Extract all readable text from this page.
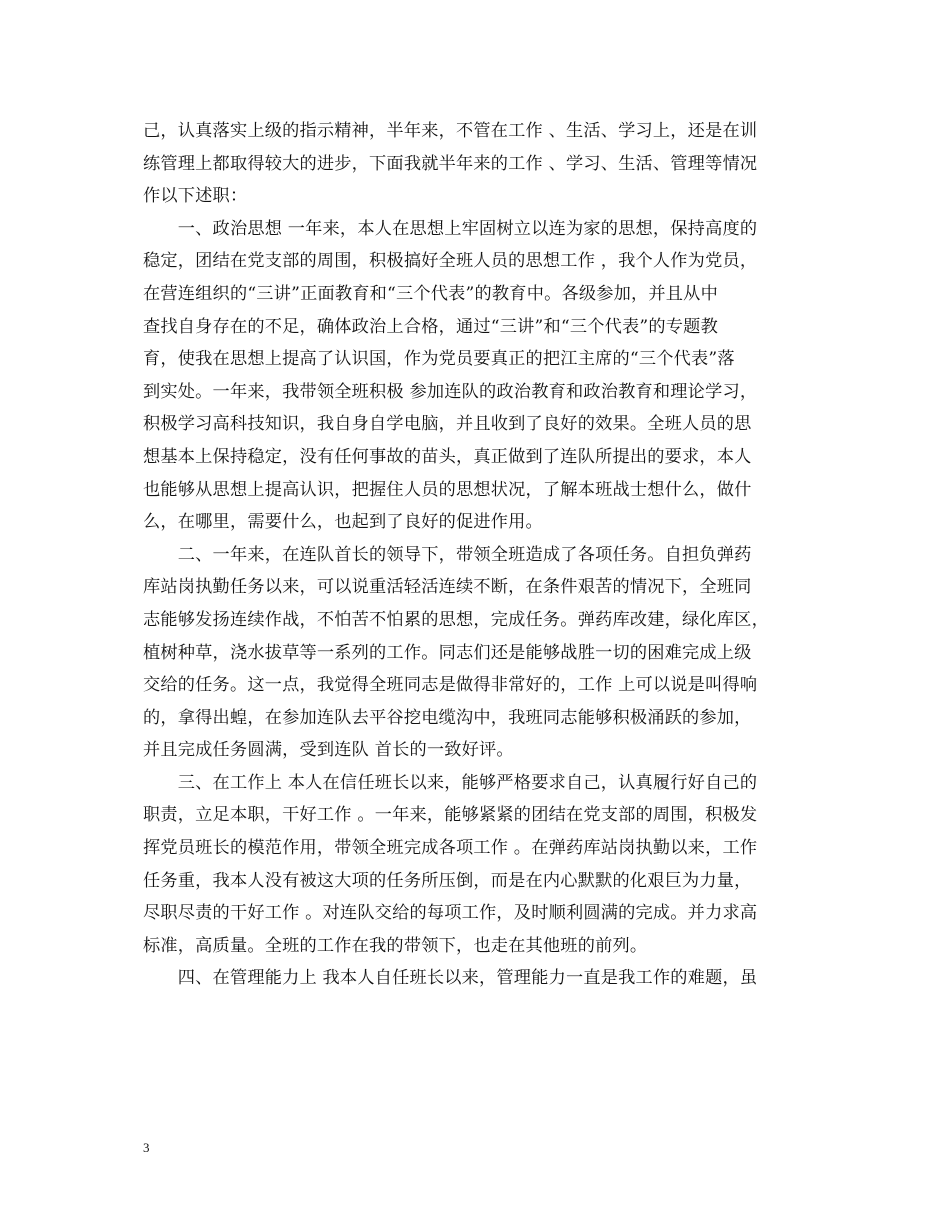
己，认真落实上级的指示精神，半年来，不管在工作 、生活、学习上，还是在训
练管理上都取得较大的进步，下面我就半年来的工作 、学习、生活、管理等情况
作以下述职：
　　一、政治思想 一年来，本人在思想上牢固树立以连为家的思想，保持高度的
稳定，团结在党支部的周围，积极搞好全班人员的思想工作 ，我个人作为党员，
在营连组织的“三讲”正面教育和“三个代表”的教育中。各级参加，并且从中
查找自身存在的不足，确体政治上合格，通过“三讲”和“三个代表”的专题教
育，使我在思想上提高了认识国，作为党员要真正的把江主席的“三个代表”落
到实处。一年来，我带领全班积极 参加连队的政治教育和政治教育和理论学习，
积极学习高科技知识，我自身自学电脑，并且收到了良好的效果。全班人员的思
想基本上保持稳定，没有任何事故的苗头，真正做到了连队所提出的要求，本人
也能够从思想上提高认识，把握住人员的思想状况，了解本班战士想什么，做什
么，在哪里，需要什么，也起到了良好的促进作用。
　　二、一年来，在连队首长的领导下，带领全班造成了各项任务。自担负弹药
库站岗执勤任务以来，可以说重活轻活连续不断，在条件艰苦的情况下，全班同
志能够发扬连续作战，不怕苦不怕累的思想，完成任务。弹药库改建，绿化库区，
植树种草，浇水拔草等一系列的工作。同志们还是能够战胜一切的困难完成上级
交给的任务。这一点，我觉得全班同志是做得非常好的，工作 上可以说是叫得响
的，拿得出蝗，在参加连队去平谷挖电缆沟中，我班同志能够积极涌跃的参加，
并且完成任务圆满，受到连队 首长的一致好评。
　　三、在工作上 本人在信任班长以来，能够严格要求自己，认真履行好自己的
职责，立足本职，干好工作 。一年来，能够紧紧的团结在党支部的周围，积极发
挥党员班长的模范作用，带领全班完成各项工作 。在弹药库站岗执勤以来，工作
任务重，我本人没有被这大项的任务所压倒，而是在内心默默的化艰巨为力量，
尽职尽责的干好工作 。对连队交给的每项工作，及时顺利圆满的完成。并力求高
标准，高质量。全班的工作在我的带领下，也走在其他班的前列。
　　四、在管理能力上 我本人自任班长以来，管理能力一直是我工作的难题，虽
3
